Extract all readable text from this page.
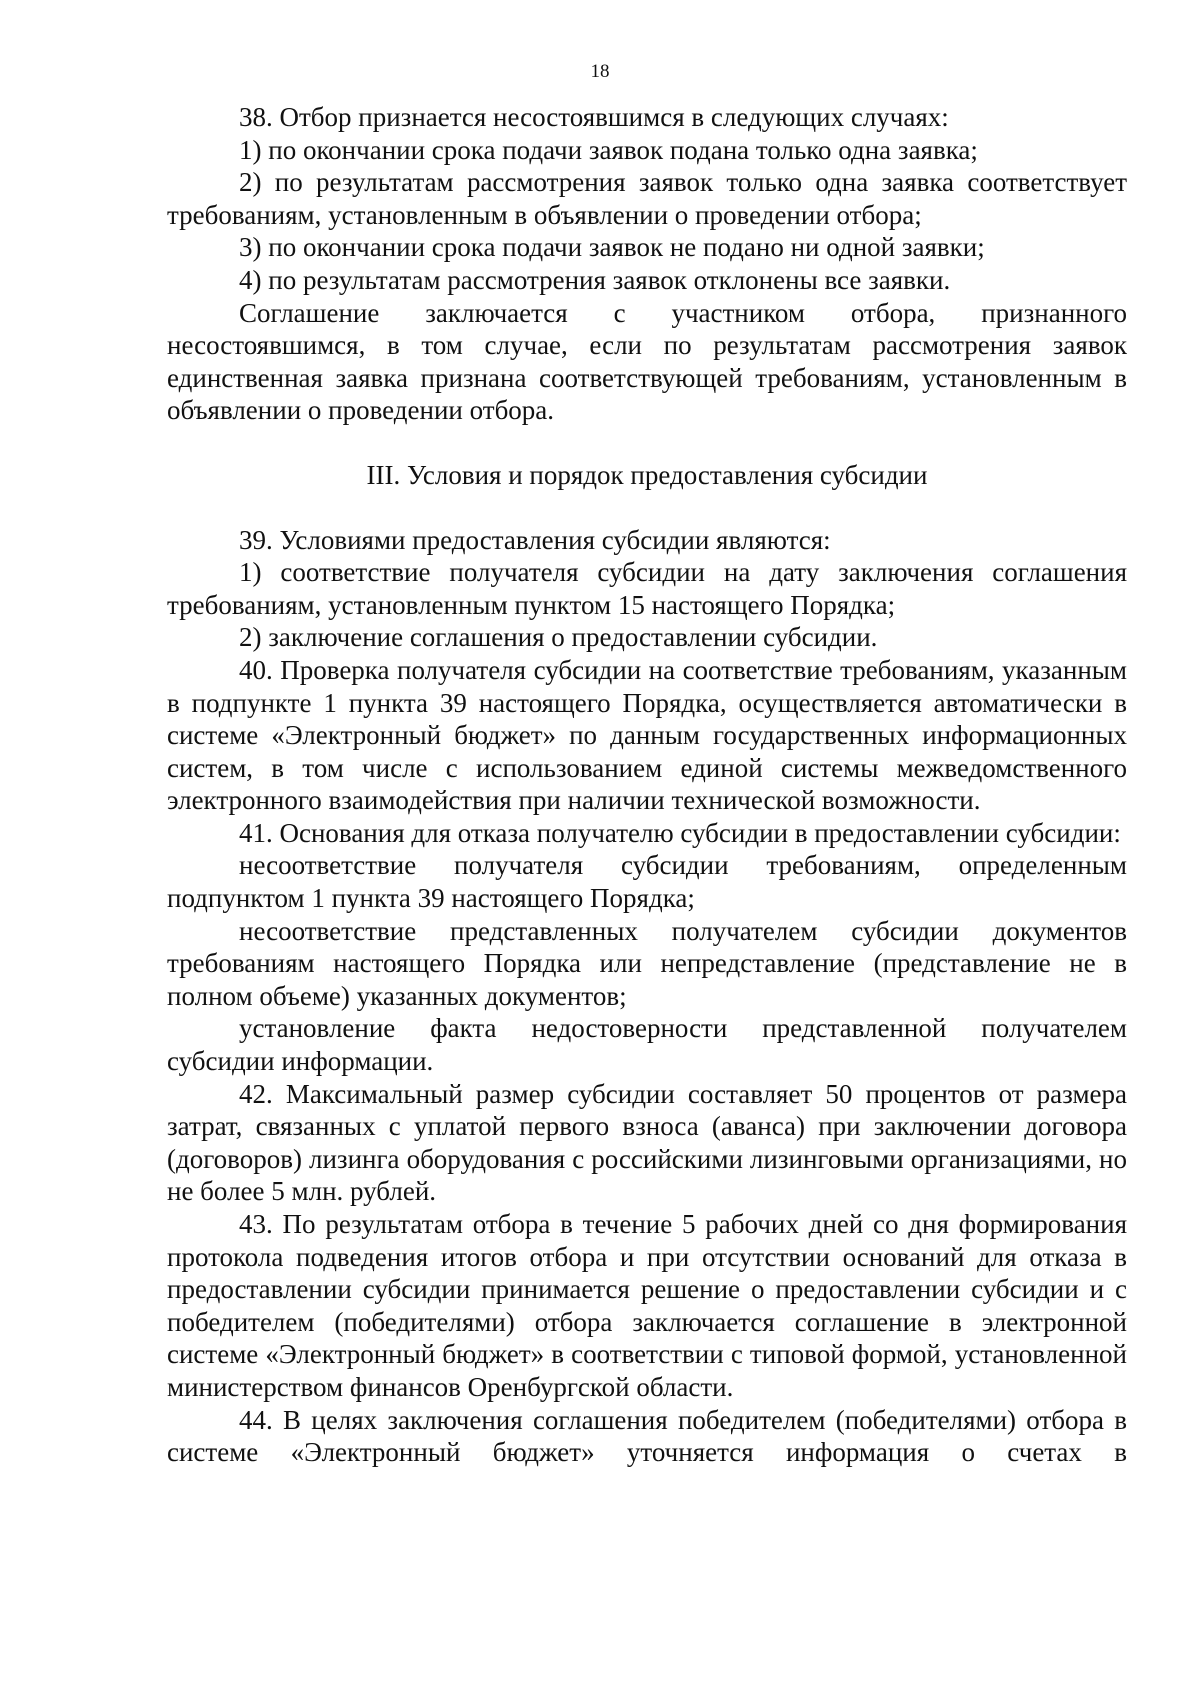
18

38. Отбор признается несостоявшимся в следующих случаях:

1) по окончании срока подачи заявок подана только одна заявка;

2) по результатам рассмотрения заявок только одна заявка соответствует требованиям, установленным в объявлении о проведении отбора;

3) по окончании срока подачи заявок не подано ни одной заявки;

4) по результатам рассмотрения заявок отклонены все заявки.

Соглашение заключается с участником отбора, признанного несостоявшимся, в том случае, если по результатам рассмотрения заявок единственная заявка признана соответствующей требованиям, установленным в объявлении о проведении отбора.

III. Условия и порядок предоставления субсидии

39. Условиями предоставления субсидии являются:

1) соответствие получателя субсидии на дату заключения соглашения требованиям, установленным пунктом 15 настоящего Порядка;

2) заключение соглашения о предоставлении субсидии.

40. Проверка получателя субсидии на соответствие требованиям, указанным в подпункте 1 пункта 39 настоящего Порядка, осуществляется автоматически в системе «Электронный бюджет» по данным государственных информационных систем, в том числе с использованием единой системы межведомственного электронного взаимодействия при наличии технической возможности.

41. Основания для отказа получателю субсидии в предоставлении субсидии:

несоответствие получателя субсидии требованиям, определенным подпунктом 1 пункта 39 настоящего Порядка;

несоответствие представленных получателем субсидии документов требованиям настоящего Порядка или непредставление (представление не в полном объеме) указанных документов;

установление факта недостоверности представленной получателем субсидии информации.

42. Максимальный размер субсидии составляет 50 процентов от размера затрат, связанных с уплатой первого взноса (аванса) при заключении договора (договоров) лизинга оборудования с российскими лизинговыми организациями, но не более 5 млн. рублей.

43. По результатам отбора в течение 5 рабочих дней со дня формирования протокола подведения итогов отбора и при отсутствии оснований для отказа в предоставлении субсидии принимается решение о предоставлении субсидии и с победителем (победителями) отбора заключается соглашение в электронной системе «Электронный бюджет» в соответствии с типовой формой, установленной министерством финансов Оренбургской области.

44. В целях заключения соглашения победителем (победителями) отбора в системе «Электронный бюджет» уточняется информация о счетах в
